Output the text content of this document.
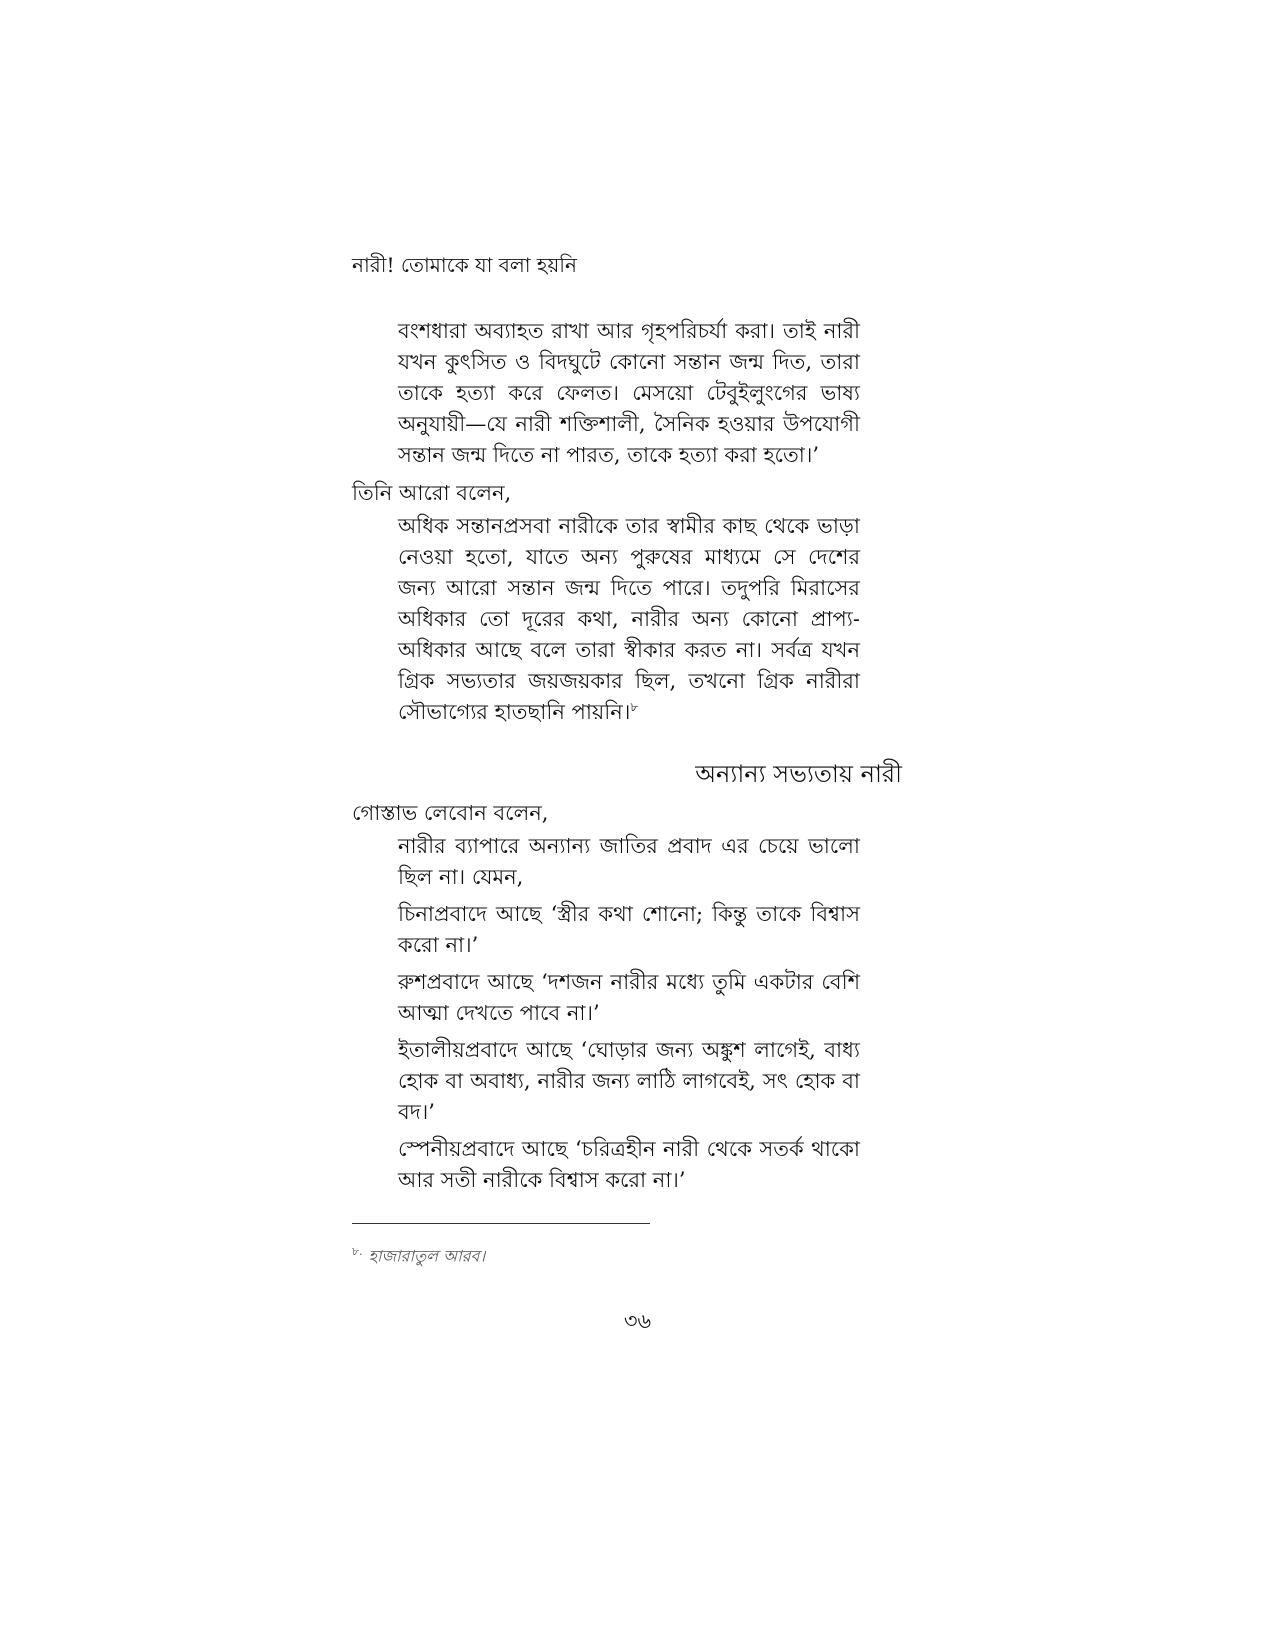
নারী! তোমাকে যা বলা হয়নি

বংশধারা অব্যাহত রাখা আর গৃহপরিচর্যা করা। তাই নারী যখন কুৎসিত ও বিদঘুটে কোনো সন্তান জন্ম দিত, তারা তাকে হত্যা করে ফেলত। মেসয়ো টেবুইলুংগের ভাষ্য অনুযায়ী—যে নারী শক্তিশালী, সৈনিক হওয়ার উপযোগী সন্তান জন্ম দিতে না পারত, তাকে হত্যা করা হতো।’

তিনি আরো বলেন,

অধিক সন্তানপ্রসবা নারীকে তার স্বামীর কাছ থেকে ভাড়া নেওয়া হতো, যাতে অন্য পুরুষের মাধ্যমে সে দেশের জন্য আরো সন্তান জন্ম দিতে পারে। তদুপরি মিরাসের অধিকার তো দূরের কথা, নারীর অন্য কোনো প্রাপ্য-অধিকার আছে বলে তারা স্বীকার করত না। সর্বত্র যখন গ্রিক সভ্যতার জয়জয়কার ছিল, তখনো গ্রিক নারীরা সৌভাগ্যের হাতছানি পায়নি।$^৮$

অন্যান্য সভ্যতায় নারী
গোস্তাভ লেবোন বলেন,

নারীর ব্যাপারে অন্যান্য জাতির প্রবাদ এর চেয়ে ভালো ছিল না। যেমন,

চিনাপ্রবাদে আছে ‘স্ত্রীর কথা শোনো; কিন্তু তাকে বিশ্বাস করো না।’

রুশপ্রবাদে আছে ‘দশজন নারীর মধ্যে তুমি একটার বেশি আত্মা দেখতে পাবে না।’

ইতালীয়প্রবাদে আছে ‘ঘোড়ার জন্য অঙ্কুশ লাগেই, বাধ্য হোক বা অবাধ্য, নারীর জন্য লাঠি লাগবেই, সৎ হোক বা বদ।’

স্পেনীয়প্রবাদে আছে ‘চরিত্রহীন নারী থেকে সতর্ক থাকো আর সতী নারীকে বিশ্বাস করো না।’

$^{৮.}$ হাজারাতুল আরব।
৩৬
